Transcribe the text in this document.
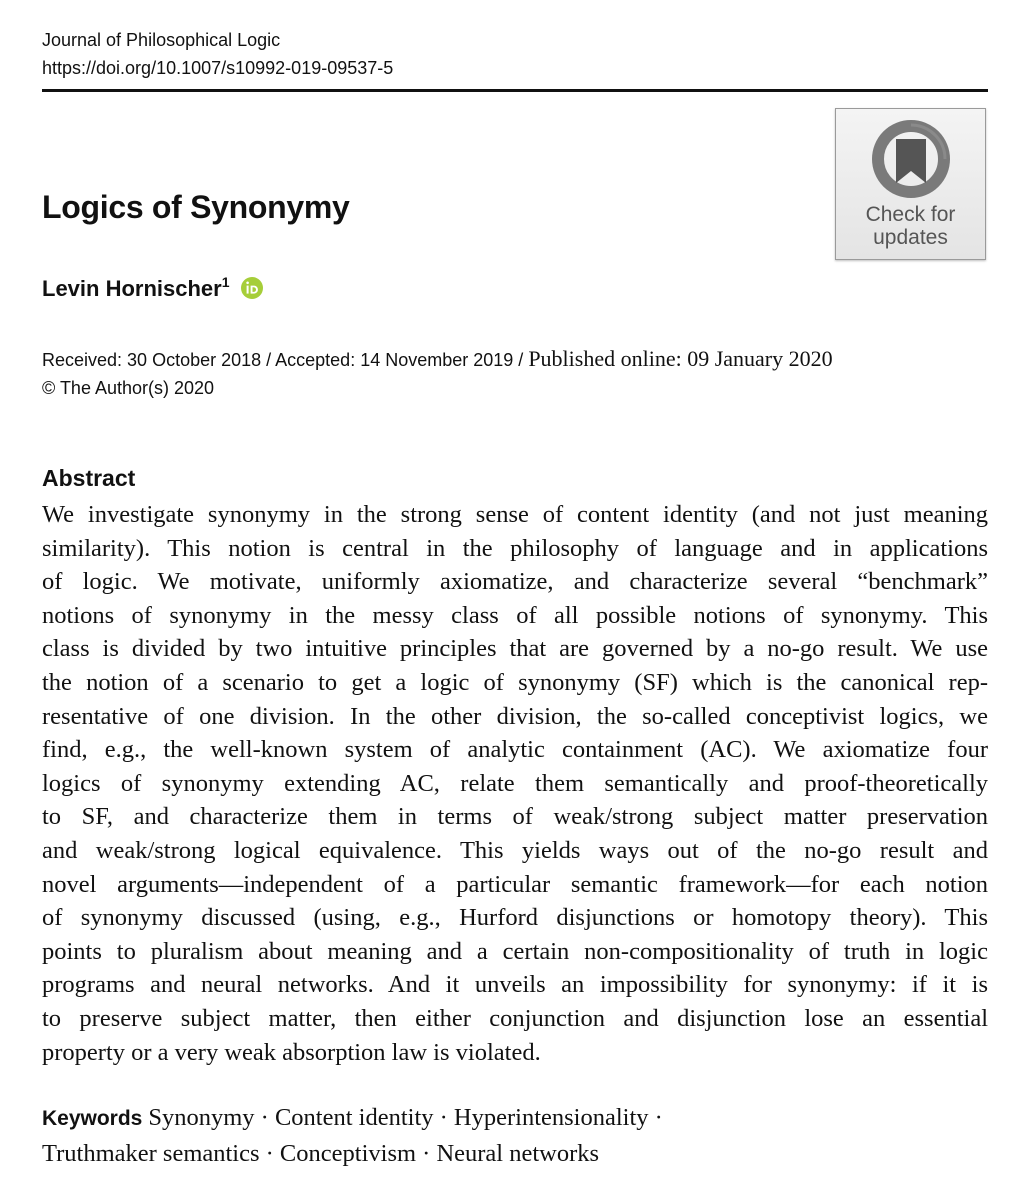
Journal of Philosophical Logic
https://doi.org/10.1007/s10992-019-09537-5
Check for
updates
Logics of Synonymy
Levin Hornischer$^1$
Received: 30 October 2018 / Accepted: 14 November 2019 / Published online: 09 January 2020
© The Author(s) 2020
Abstract
We investigate synonymy in the strong sense of content identity (and not just meaning
similarity). This notion is central in the philosophy of language and in applications
of logic. We motivate, uniformly axiomatize, and characterize several “benchmark”
notions of synonymy in the messy class of all possible notions of synonymy. This
class is divided by two intuitive principles that are governed by a no-go result. We use
the notion of a scenario to get a logic of synonymy (SF) which is the canonical rep-
resentative of one division. In the other division, the so-called conceptivist logics, we
find, e.g., the well-known system of analytic containment (AC). We axiomatize four
logics of synonymy extending AC, relate them semantically and proof-theoretically
to SF, and characterize them in terms of weak/strong subject matter preservation
and weak/strong logical equivalence. This yields ways out of the no-go result and
novel arguments—independent of a particular semantic framework—for each notion
of synonymy discussed (using, e.g., Hurford disjunctions or homotopy theory). This
points to pluralism about meaning and a certain non-compositionality of truth in logic
programs and neural networks. And it unveils an impossibility for synonymy: if it is
to preserve subject matter, then either conjunction and disjunction lose an essential
property or a very weak absorption law is violated.
Keywords Synonymy · Content identity · Hyperintensionality ·
Truthmaker semantics · Conceptivism · Neural networks
